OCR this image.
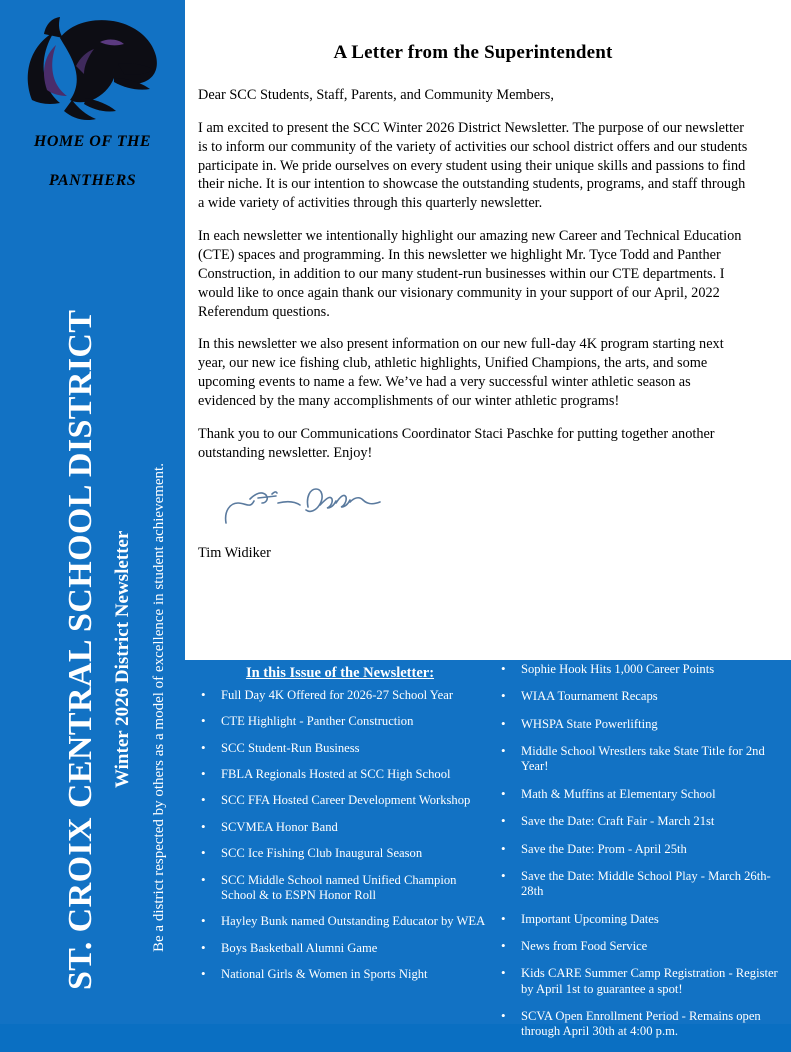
HOME OF THE
PANTHERS
ST. CROIX CENTRAL SCHOOL DISTRICT Winter 2026 District Newsletter Be a district respected by others as a model of excellence in student achievement.
A Letter from the Superintendent

Dear SCC Students, Staff, Parents, and Community Members,

I am excited to present the SCC Winter 2026 District Newsletter. The purpose of our newsletter is to inform our community of the variety of activities our school district offers and our students participate in. We pride ourselves on every student using their unique skills and passions to find their niche. It is our intention to showcase the outstanding students, programs, and staff through a wide variety of activities through this quarterly newsletter.

In each newsletter we intentionally highlight our amazing new Career and Technical Education (CTE) spaces and programming. In this newsletter we highlight Mr. Tyce Todd and Panther Construction, in addition to our many student-run businesses within our CTE departments. I would like to once again thank our visionary community in your support of our April, 2022 Referendum questions.

In this newsletter we also present information on our new full-day 4K program starting next year, our new ice fishing club, athletic highlights, Unified Champions, the arts, and some upcoming events to name a few. We’ve had a very successful winter athletic season as evidenced by the many accomplishments of our winter athletic programs!

Thank you to our Communications Coordinator Staci Paschke for putting together another outstanding newsletter. Enjoy!

Tim Widiker
In this Issue of the Newsletter:
• Full Day 4K Offered for 2026-27 School Year
• CTE Highlight - Panther Construction
• SCC Student-Run Business
• FBLA Regionals Hosted at SCC High School
• SCC FFA Hosted Career Development Workshop
• SCVMEA Honor Band
• SCC Ice Fishing Club Inaugural Season
• SCC Middle School named Unified Champion School & to ESPN Honor Roll
• Hayley Bunk named Outstanding Educator by WEA
• Boys Basketball Alumni Game
• National Girls & Women in Sports Night
• Sophie Hook Hits 1,000 Career Points
• WIAA Tournament Recaps
• WHSPA State Powerlifting
• Middle School Wrestlers take State Title for 2nd Year!
• Math & Muffins at Elementary School
• Save the Date: Craft Fair - March 21st
• Save the Date: Prom - April 25th
• Save the Date: Middle School Play - March 26th-28th
• Important Upcoming Dates
• News from Food Service
• Kids CARE Summer Camp Registration - Register by April 1st to guarantee a spot!
• SCVA Open Enrollment Period - Remains open through April 30th at 4:00 p.m.
